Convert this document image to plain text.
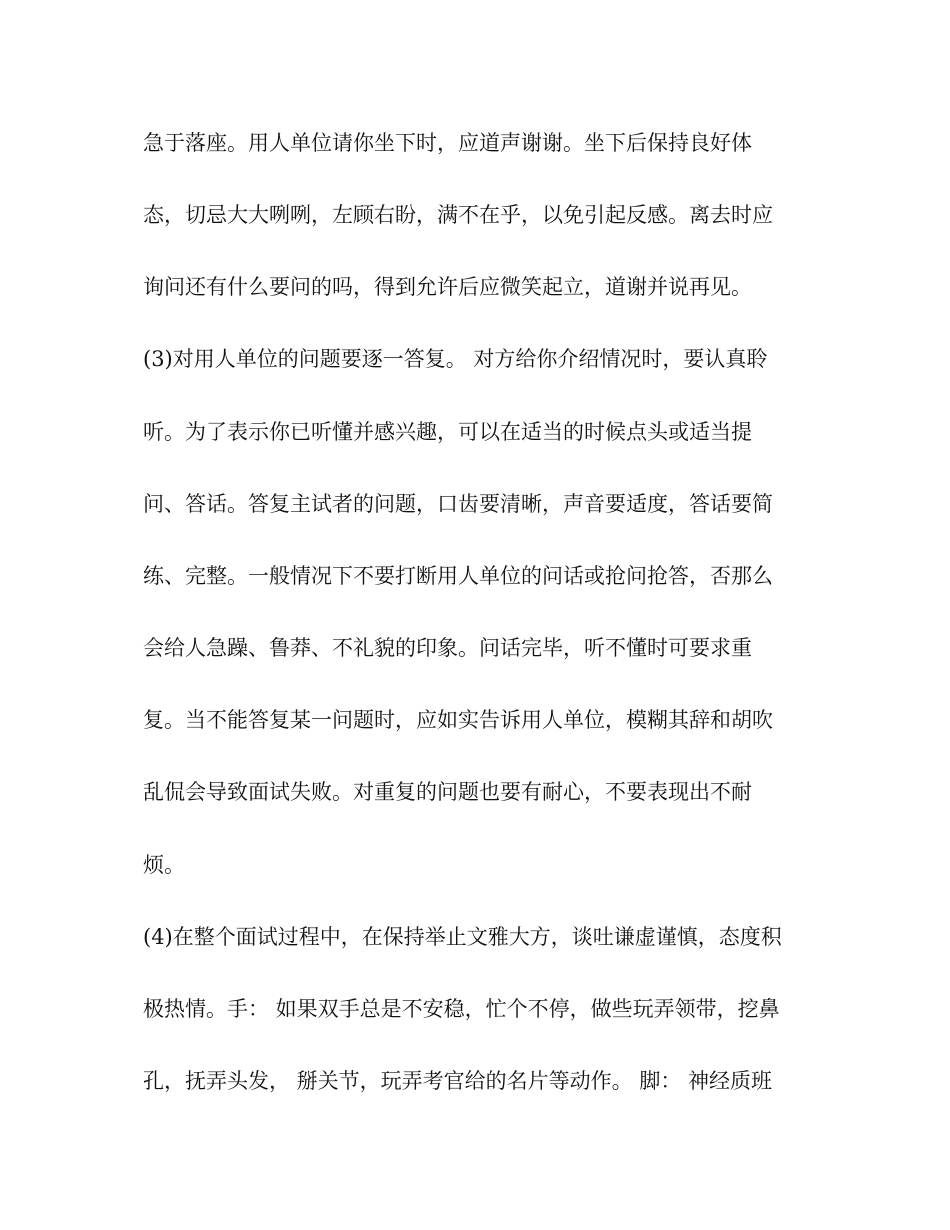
急于落座。用人单位请你坐下时，应道声谢谢。坐下后保持良好体
态，切忌大大咧咧，左顾右盼，满不在乎，以免引起反感。离去时应
询问还有什么要问的吗，得到允许后应微笑起立，道谢并说再见。
(3)对用人单位的问题要逐一答复。 对方给你介绍情况时，要认真聆
听。为了表示你已听懂并感兴趣，可以在适当的时候点头或适当提
问、答话。答复主试者的问题，口齿要清晰，声音要适度，答话要简
练、完整。一般情况下不要打断用人单位的问话或抢问抢答，否那么
会给人急躁、鲁莽、不礼貌的印象。问话完毕，听不懂时可要求重
复。当不能答复某一问题时，应如实告诉用人单位，模糊其辞和胡吹
乱侃会导致面试失败。对重复的问题也要有耐心，不要表现出不耐
烦。
(4)在整个面试过程中，在保持举止文雅大方，谈吐谦虚谨慎，态度积
极热情。手： 如果双手总是不安稳，忙个不停，做些玩弄领带，挖鼻
孔，抚弄头发， 掰关节，玩弄考官给的名片等动作。 脚： 神经质班
